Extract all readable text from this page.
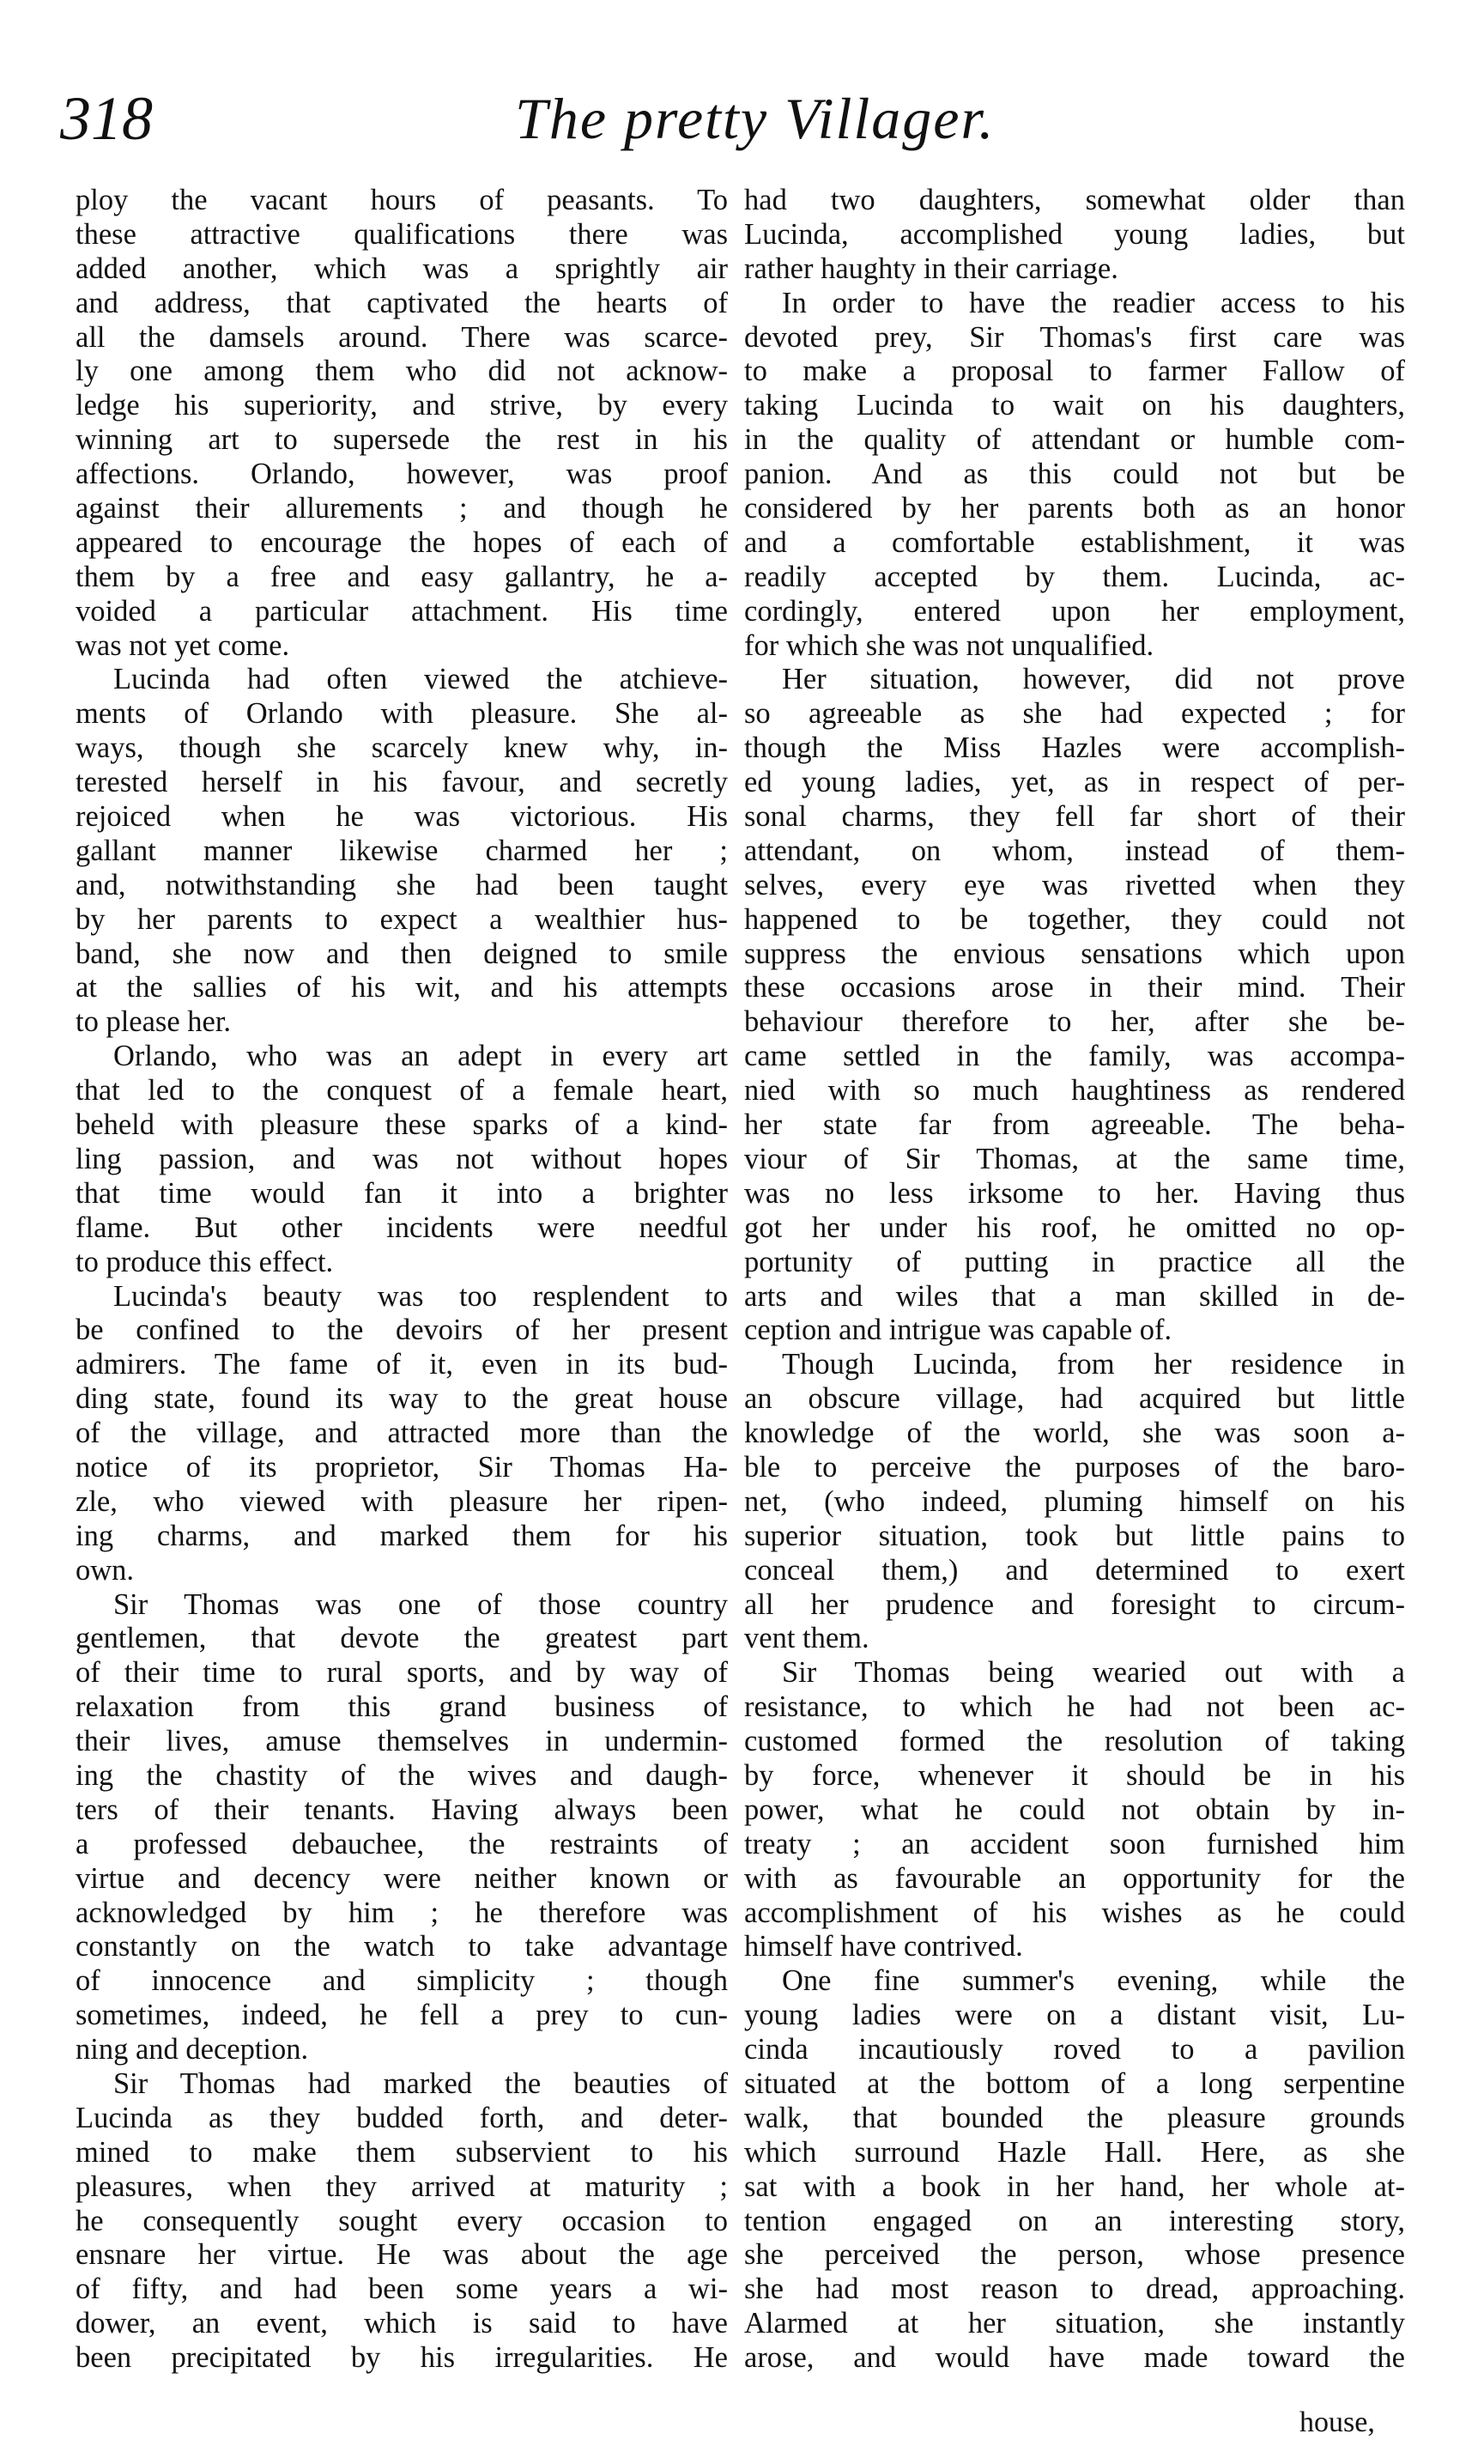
318	The pretty Villager.
ploy the vacant hours of peasants. To
these attractive qualifications there was
added another, which was a sprightly air
and address, that captivated the hearts of
all the damsels around. There was scarce-
ly one among them who did not acknow-
ledge his superiority, and strive, by every
winning art to supersede the rest in his
affections. Orlando, however, was proof
against their allurements ; and though he
appeared to encourage the hopes of each of
them by a free and easy gallantry, he a-
voided a particular attachment. His time
was not yet come.
Lucinda had often viewed the atchieve-
ments of Orlando with pleasure. She al-
ways, though she scarcely knew why, in-
terested herself in his favour, and secretly
rejoiced when he was victorious. His
gallant manner likewise charmed her ;
and, notwithstanding she had been taught
by her parents to expect a wealthier hus-
band, she now and then deigned to smile
at the sallies of his wit, and his attempts
to please her.
Orlando, who was an adept in every art
that led to the conquest of a female heart,
beheld with pleasure these sparks of a kind-
ling passion, and was not without hopes
that time would fan it into a brighter
flame. But other incidents were needful
to produce this effect.
Lucinda's beauty was too resplendent to
be confined to the devoirs of her present
admirers. The fame of it, even in its bud-
ding state, found its way to the great house
of the village, and attracted more than the
notice of its proprietor, Sir Thomas Ha-
zle, who viewed with pleasure her ripen-
ing charms, and marked them for his
own.
Sir Thomas was one of those country
gentlemen, that devote the greatest part
of their time to rural sports, and by way of
relaxation from this grand business of
their lives, amuse themselves in undermin-
ing the chastity of the wives and daugh-
ters of their tenants. Having always been
a professed debauchee, the restraints of
virtue and decency were neither known or
acknowledged by him ; he therefore was
constantly on the watch to take advantage
of innocence and simplicity ; though
sometimes, indeed, he fell a prey to cun-
ning and deception.
Sir Thomas had marked the beauties of
Lucinda as they budded forth, and deter-
mined to make them subservient to his
pleasures, when they arrived at maturity ;
he consequently sought every occasion to
ensnare her virtue. He was about the age
of fifty, and had been some years a wi-
dower, an event, which is said to have
been precipitated by his irregularities. He
had two daughters, somewhat older than
Lucinda, accomplished young ladies, but
rather haughty in their carriage.
In order to have the readier access to his
devoted prey, Sir Thomas's first care was
to make a proposal to farmer Fallow of
taking Lucinda to wait on his daughters,
in the quality of attendant or humble com-
panion. And as this could not but be
considered by her parents both as an honor
and a comfortable establishment, it was
readily accepted by them. Lucinda, ac-
cordingly, entered upon her employment,
for which she was not unqualified.
Her situation, however, did not prove
so agreeable as she had expected ; for
though the Miss Hazles were accomplish-
ed young ladies, yet, as in respect of per-
sonal charms, they fell far short of their
attendant, on whom, instead of them-
selves, every eye was rivetted when they
happened to be together, they could not
suppress the envious sensations which upon
these occasions arose in their mind. Their
behaviour therefore to her, after she be-
came settled in the family, was accompa-
nied with so much haughtiness as rendered
her state far from agreeable. The beha-
viour of Sir Thomas, at the same time,
was no less irksome to her. Having thus
got her under his roof, he omitted no op-
portunity of putting in practice all the
arts and wiles that a man skilled in de-
ception and intrigue was capable of.
Though Lucinda, from her residence in
an obscure village, had acquired but little
knowledge of the world, she was soon a-
ble to perceive the purposes of the baro-
net, (who indeed, pluming himself on his
superior situation, took but little pains to
conceal them,) and determined to exert
all her prudence and foresight to circum-
vent them.
Sir Thomas being wearied out with a
resistance, to which he had not been ac-
customed formed the resolution of taking
by force, whenever it should be in his
power, what he could not obtain by in-
treaty ; an accident soon furnished him
with as favourable an opportunity for the
accomplishment of his wishes as he could
himself have contrived.
One fine summer's evening, while the
young ladies were on a distant visit, Lu-
cinda incautiously roved to a pavilion
situated at the bottom of a long serpentine
walk, that bounded the pleasure grounds
which surround Hazle Hall. Here, as she
sat with a book in her hand, her whole at-
tention engaged on an interesting story,
she perceived the person, whose presence
she had most reason to dread, approaching.
Alarmed at her situation, she instantly
arose, and would have made toward the
house,
